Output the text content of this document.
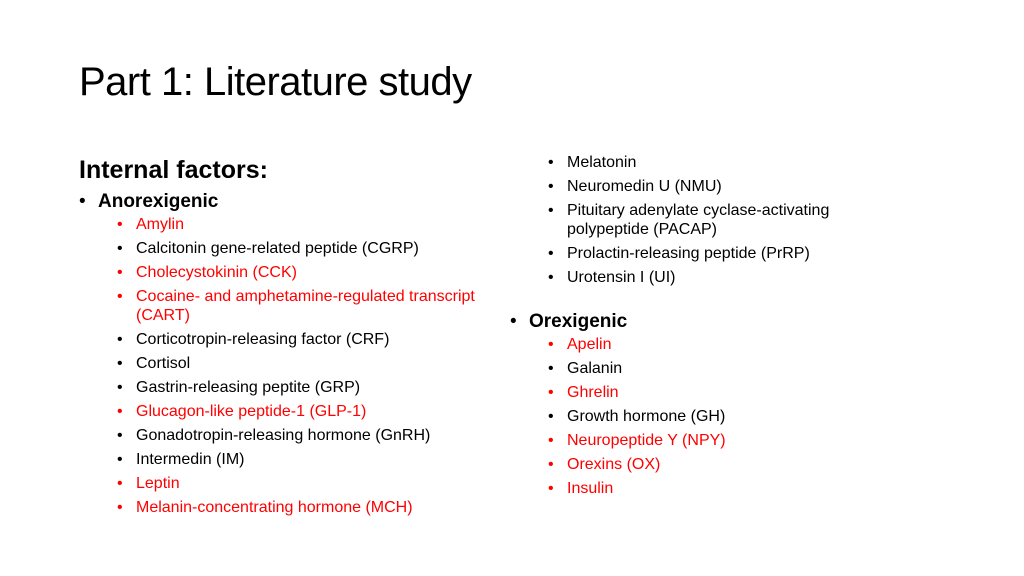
Part 1: Literature study
Internal factors:
• Anorexigenic
• Amylin
• Calcitonin gene-related peptide (CGRP)
• Cholecystokinin (CCK)
• Cocaine- and amphetamine-regulated transcript (CART)
• Corticotropin-releasing factor (CRF)
• Cortisol
• Gastrin-releasing peptite (GRP)
• Glucagon-like peptide-1 (GLP-1)
• Gonadotropin-releasing hormone (GnRH)
• Intermedin (IM)
• Leptin
• Melanin-concentrating hormone (MCH)
• Melatonin
• Neuromedin U (NMU)
• Pituitary adenylate cyclase-activating polypeptide (PACAP)
• Prolactin-releasing peptide (PrRP)
• Urotensin I (UI)
• Orexigenic
• Apelin
• Galanin
• Ghrelin
• Growth hormone (GH)
• Neuropeptide Y (NPY)
• Orexins (OX)
• Insulin
